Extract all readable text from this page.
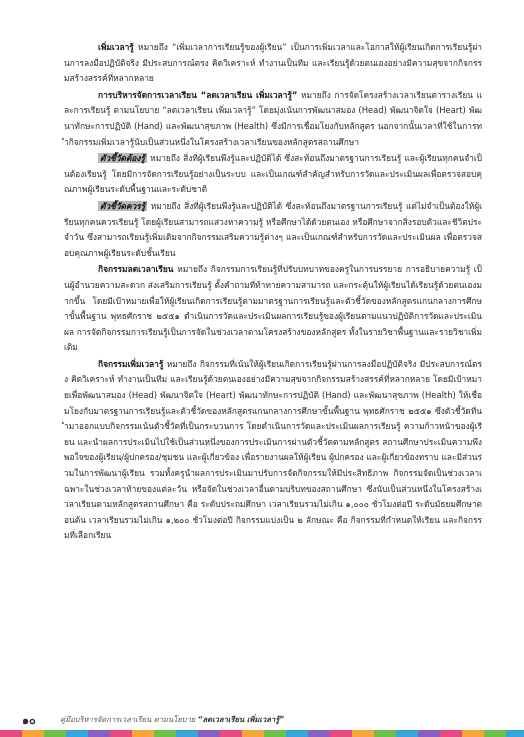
เพิ่มเวลารู้ หมายถึง “เพิ่มเวลาการเรียนรู้ของผู้เรียน” เป็นการเพิ่มเวลาและโอกาสให้ผู้เรียนเกิดการเรียนรู้ผ่านการลงมือปฏิบัติจริง มีประสบการณ์ตรง คิดวิเคราะห์ ทำงานเป็นทีม และเรียนรู้ด้วยตนเองอย่างมีความสุขจากกิจกรรมสร้างสรรค์ที่หลากหลาย

การบริหารจัดการเวลาเรียน “ลดเวลาเรียน เพิ่มเวลารู้” หมายถึง การจัดโครงสร้างเวลาเรียนตารางเรียน และการเรียนรู้ ตามนโยบาย “ลดเวลาเรียน เพิ่มเวลารู้” โดยมุ่งเน้นการพัฒนาสมอง (Head) พัฒนาจิตใจ (Heart) พัฒนาทักษะการปฏิบัติ (Hand) และพัฒนาสุขภาพ (Health) ซึ่งมีการเชื่อมโยงกับหลักสูตร นอกจากนั้นเวลาที่ใช้ในการทำกิจกรรมเพิ่มเวลารู้นับเป็นส่วนหนึ่งในโครงสร้างเวลาเรียนของหลักสูตรสถานศึกษา

ตัวชี้วัดต้องรู้ หมายถึง สิ่งที่ผู้เรียนพึงรู้และปฏิบัติได้ ซึ่งสะท้อนถึงมาตรฐานการเรียนรู้ และผู้เรียนทุกคนจำเป็นต้องเรียนรู้ โดยมีการจัดการเรียนรู้อย่างเป็นระบบ และเป็นเกณฑ์สำคัญสำหรับการวัดและประเมินผลเพื่อตรวจสอบคุณภาพผู้เรียนระดับพื้นฐานและระดับชาติ

ตัวชี้วัดควรรู้ หมายถึง สิ่งที่ผู้เรียนพึงรู้และปฏิบัติได้ ซึ่งสะท้อนถึงมาตรฐานการเรียนรู้ แต่ไม่จำเป็นต้องให้ผู้เรียนทุกคนควรเรียนรู้ โดยผู้เรียนสามารถแสวงหาความรู้ หรือศึกษาได้ด้วยตนเอง หรือศึกษาจากสิ่งรอบตัวและชีวิตประจำวัน ซึ่งสามารถเรียนรู้เพิ่มเติมจากกิจกรรมเสริมความรู้ต่างๆ และเป็นเกณฑ์สำหรับการวัดและประเมินผล เพื่อตรวจสอบคุณภาพผู้เรียนระดับชั้นเรียน

กิจกรรมลดเวลาเรียน หมายถึง กิจกรรมการเรียนรู้ที่ปรับบทบาทของครูในการบรรยาย การอธิบายความรู้ เป็นผู้อำนวยความสะดวก ส่งเสริมการเรียนรู้ ตั้งคำถามที่ท้าทายความสามารถ และกระตุ้นให้ผู้เรียนได้เรียนรู้ด้วยตนเองมากขึ้น โดยมีเป้าหมายเพื่อให้ผู้เรียนเกิดการเรียนรู้ตามมาตรฐานการเรียนรู้และตัวชี้วัดของหลักสูตรแกนกลางการศึกษาขั้นพื้นฐาน พุทธศักราช ๒๕๕๑ ดำเนินการวัดและประเมินผลการเรียนรู้ของผู้เรียนตามแนวปฏิบัติการวัดและประเมินผล การจัดกิจกรรมการเรียนรู้เป็นการจัดในช่วงเวลาตามโครงสร้างของหลักสูตร ทั้งในรายวิชาพื้นฐานและรายวิชาเพิ่มเติม

กิจกรรมเพิ่มเวลารู้ หมายถึง กิจกรรมที่เน้นให้ผู้เรียนเกิดการเรียนรู้ผ่านการลงมือปฏิบัติจริง มีประสบการณ์ตรง คิดวิเคราะห์ ทำงานเป็นทีม และเรียนรู้ด้วยตนเองอย่างมีความสุขจากกิจกรรมสร้างสรรค์ที่หลากหลาย โดยมีเป้าหมายเพื่อพัฒนาสมอง (Head) พัฒนาจิตใจ (Heart) พัฒนาทักษะการปฏิบัติ (Hand) และพัฒนาสุขภาพ (Health) ให้เชื่อมโยงกับมาตรฐานการเรียนรู้และตัวชี้วัดของหลักสูตรแกนกลางการศึกษาขั้นพื้นฐาน พุทธศักราช ๒๕๕๑ ซึ่งตัวชี้วัดที่นำมาออกแบบกิจกรรมเน้นตัวชี้วัดที่เป็นกระบวนการ โดยดำเนินการวัดและประเมินผลการเรียนรู้ ความก้าวหน้าของผู้เรียน และนำผลการประเมินไปใช้เป็นส่วนหนึ่งของการประเมินการผ่านตัวชี้วัดตามหลักสูตร สถานศึกษาประเมินความพึงพอใจของผู้เรียน/ผู้ปกครอง/ชุมชน และผู้เกี่ยวข้อง เพื่อรายงานผลให้ผู้เรียน ผู้ปกครอง และผู้เกี่ยวข้องทราบ และมีส่วนร่วมในการพัฒนาผู้เรียน รวมทั้งครูนำผลการประเมินมาปรับการจัดกิจกรรมให้มีประสิทธิภาพ กิจกรรมจัดเป็นช่วงเวลาเฉพาะในช่วงเวลาท้ายของแต่ละวัน หรือจัดในช่วงเวลาอื่นตามบริบทของสถานศึกษา ซึ่งนับเป็นส่วนหนึ่งในโครงสร้างเวลาเรียนตามหลักสูตรสถานศึกษา คือ ระดับประถมศึกษา เวลาเรียนรวมไม่เกิน ๑,๐๐๐ ชั่วโมงต่อปี ระดับมัธยมศึกษาตอนต้น เวลาเรียนรวมไม่เกิน ๑,๒๐๐ ชั่วโมงต่อปี กิจกรรมแบ่งเป็น ๒ ลักษณะ คือ กิจกรรมที่กำหนดให้เรียน และกิจกรรมที่เลือกเรียน

๑๐	คู่มือบริหารจัดการเวลาเรียน ตามนโยบาย “ลดเวลาเรียน เพิ่มเวลารู้”
